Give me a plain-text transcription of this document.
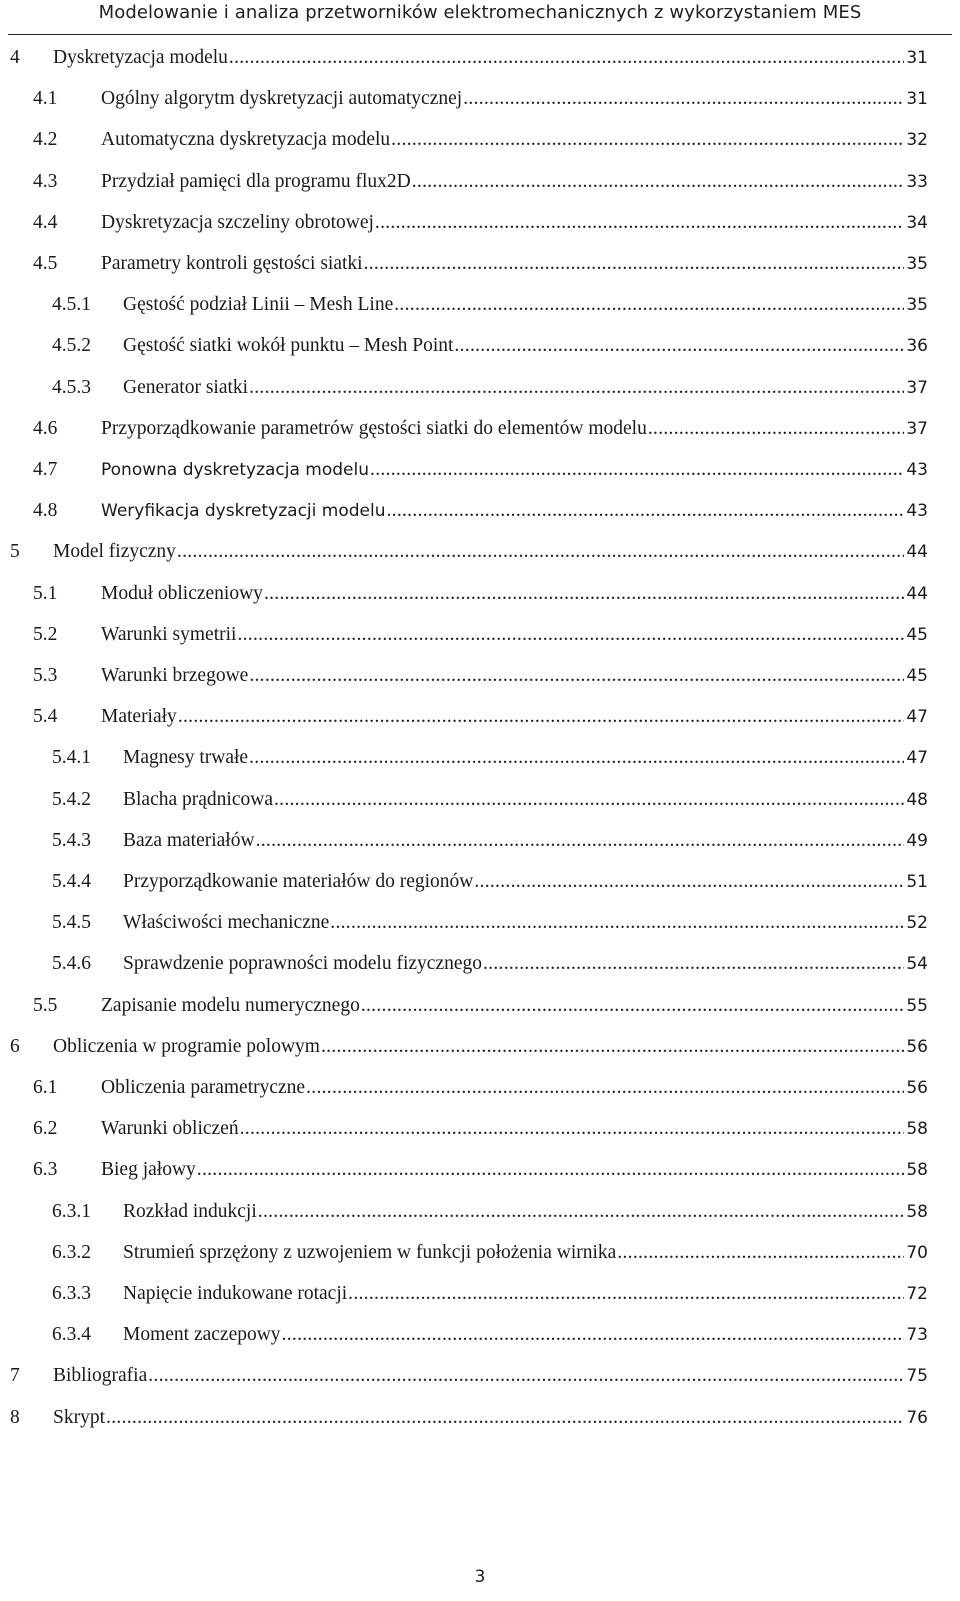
Modelowanie i analiza przetworników elektromechanicznych z wykorzystaniem MES
4	Dyskretyzacja modelu .....	31
4.1	Ogólny algorytm dyskretyzacji automatycznej .....	31
4.2	Automatyczna dyskretyzacja modelu .....	32
4.3	Przydział pamięci dla programu flux2D .....	33
4.4	Dyskretyzacja szczeliny obrotowej .....	34
4.5	Parametry kontroli gęstości siatki .....	35
4.5.1	Gęstość podział Linii – Mesh Line .....	35
4.5.2	Gęstość siatki wokół punktu – Mesh Point .....	36
4.5.3	Generator siatki .....	37
4.6	Przyporządkowanie parametrów gęstości siatki do elementów modelu .....	37
4.7	Ponowna dyskretyzacja modelu .....	43
4.8	Weryfikacja dyskretyzacji modelu .....	43
5	Model fizyczny .....	44
5.1	Moduł obliczeniowy .....	44
5.2	Warunki symetrii .....	45
5.3	Warunki brzegowe .....	45
5.4	Materiały .....	47
5.4.1	Magnesy trwałe .....	47
5.4.2	Blacha prądnicowa .....	48
5.4.3	Baza materiałów .....	49
5.4.4	Przyporządkowanie materiałów do regionów .....	51
5.4.5	Właściwości mechaniczne .....	52
5.4.6	Sprawdzenie poprawności modelu fizycznego .....	54
5.5	Zapisanie modelu numerycznego .....	55
6	Obliczenia w programie polowym .....	56
6.1	Obliczenia parametryczne .....	56
6.2	Warunki obliczeń .....	58
6.3	Bieg jałowy .....	58
6.3.1	Rozkład indukcji .....	58
6.3.2	Strumień sprzężony z uzwojeniem w funkcji położenia wirnika .....	70
6.3.3	Napięcie indukowane rotacji .....	72
6.3.4	Moment zaczepowy .....	73
7	Bibliografia .....	75
8	Skrypt .....	76
3
